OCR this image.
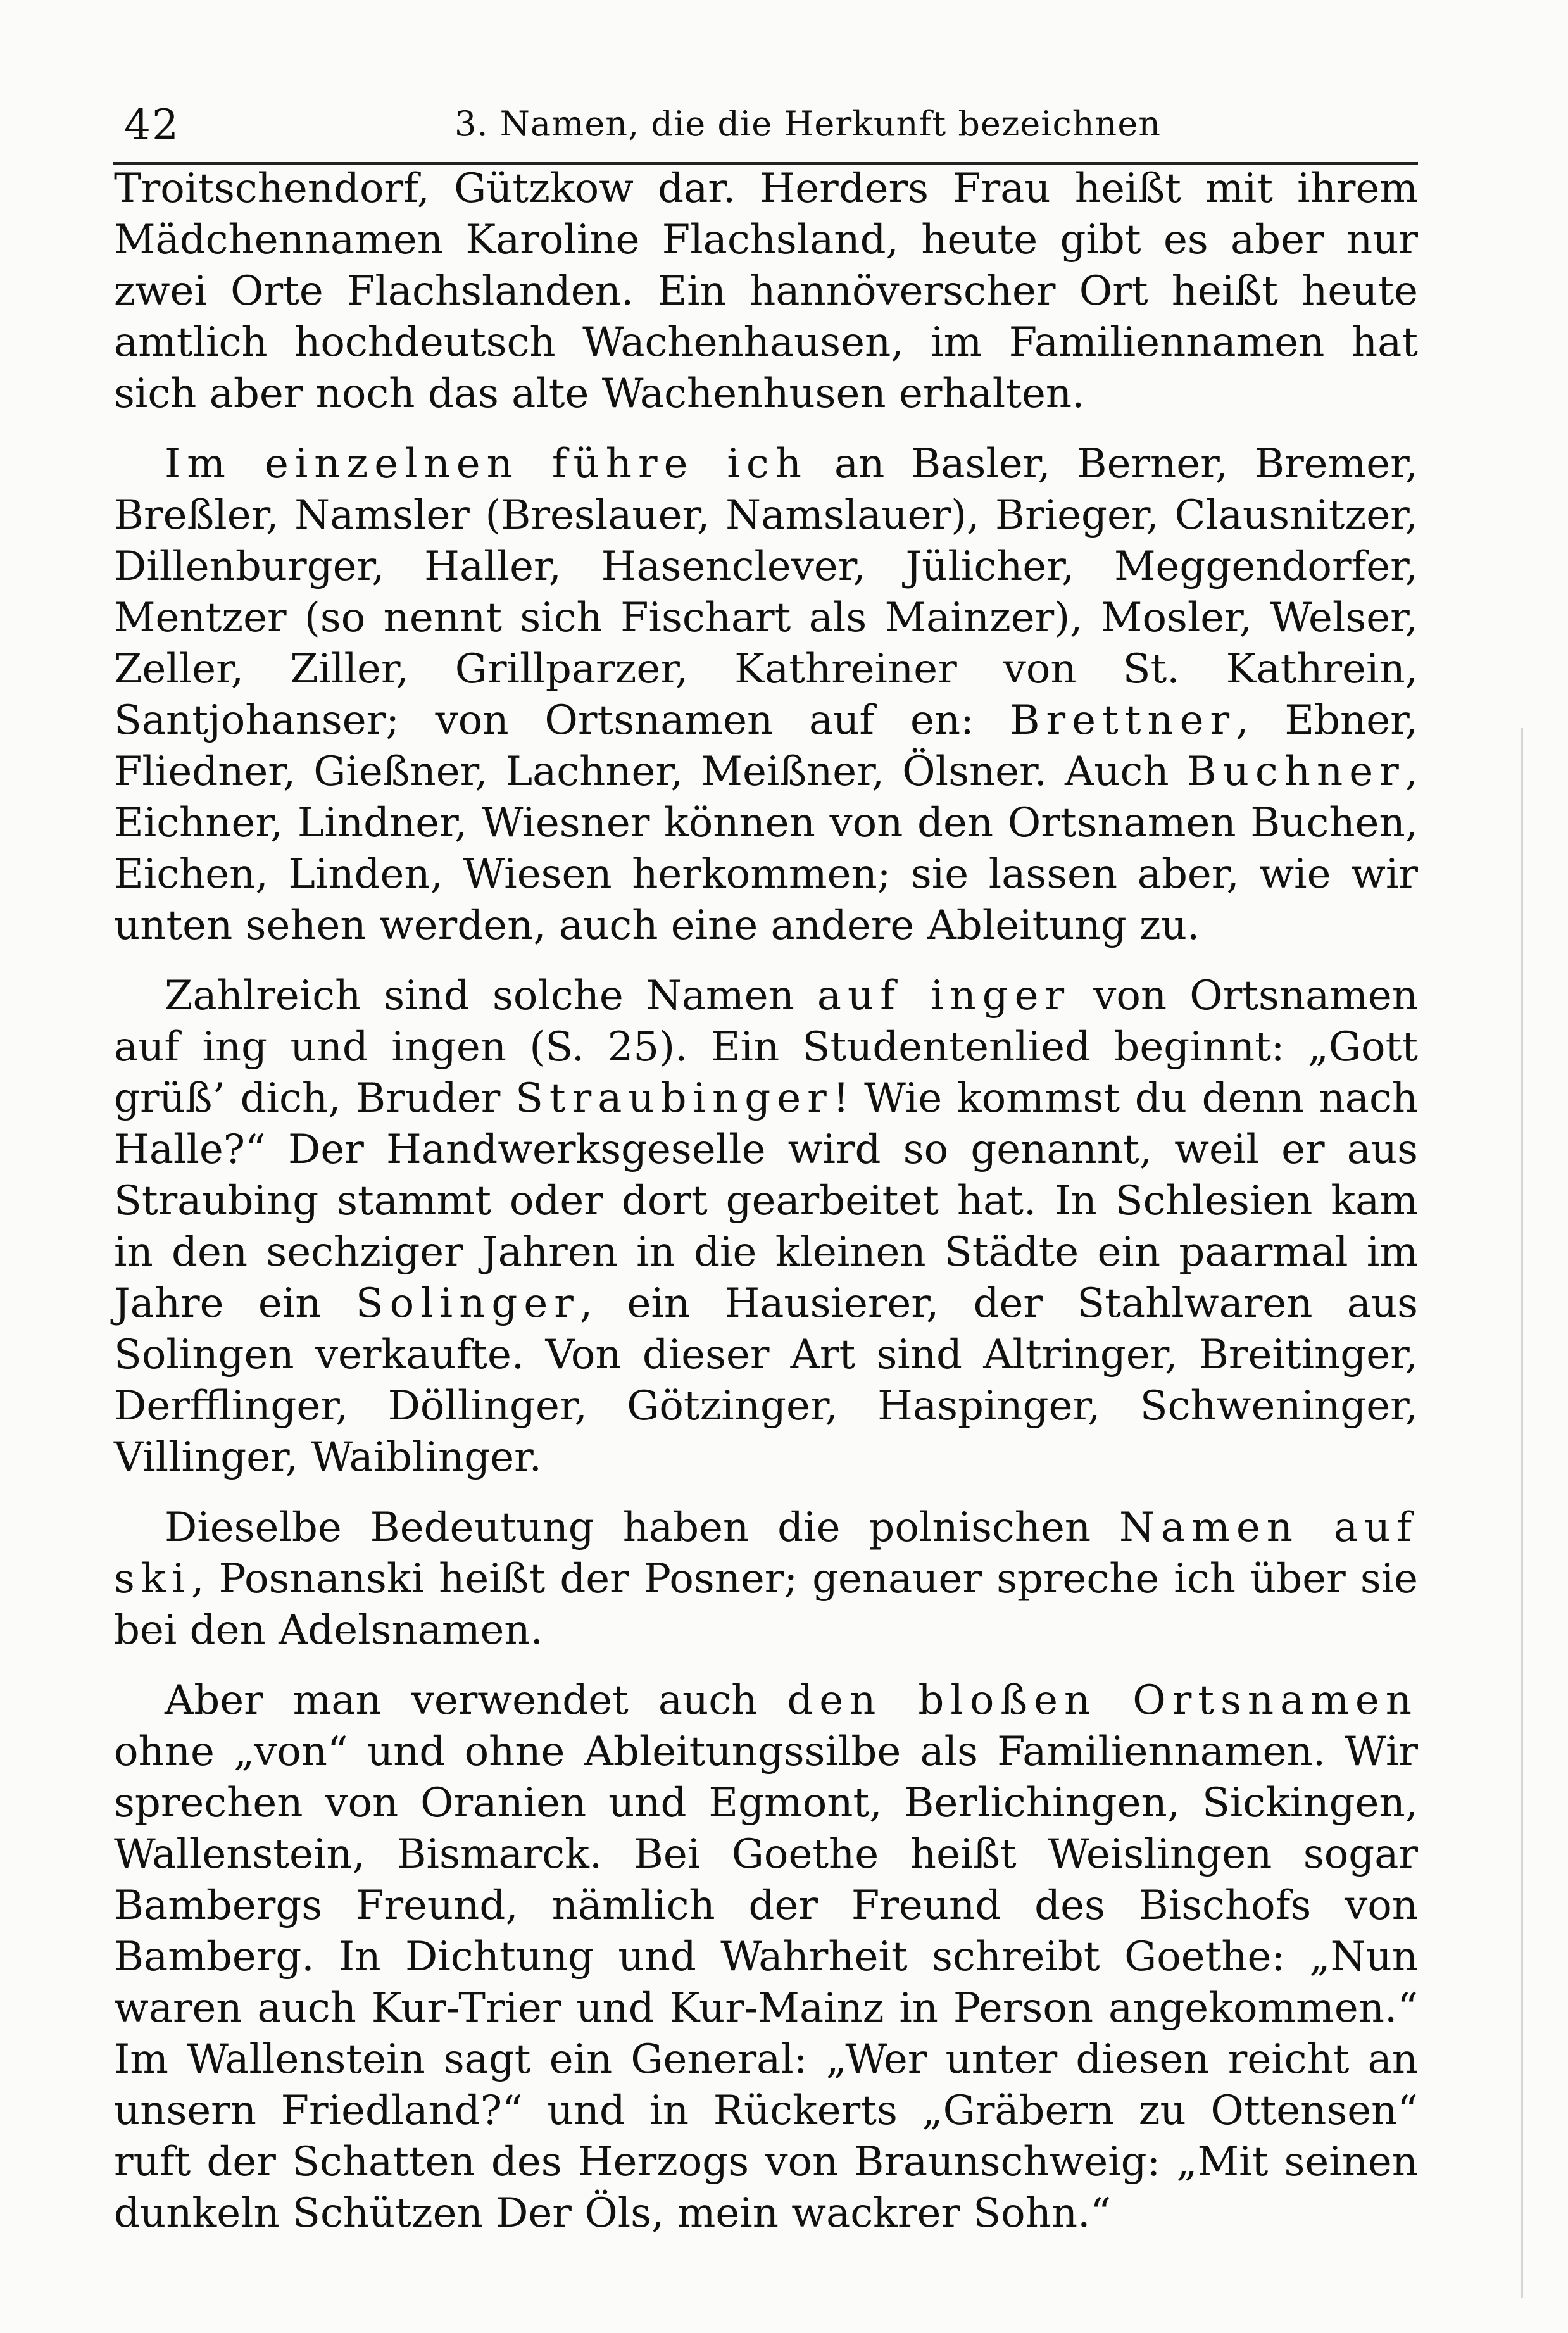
42	3. Namen, die die Herkunft bezeichnen

Troitschendorf, Gützkow dar. Herders Frau heißt mit ihrem Mädchennamen Karoline Flachsland, heute gibt es aber nur zwei Orte Flachslanden. Ein hannöverscher Ort heißt heute amtlich hochdeutsch Wachenhausen, im Familiennamen hat sich aber noch das alte Wachenhusen erhalten.

Im einzelnen führe ich an Basler, Berner, Bremer, Breßler, Namsler (Breslauer, Namslauer), Brieger, Clausnitzer, Dillenburger, Haller, Hasenclever, Jülicher, Meggendorfer, Mentzer (so nennt sich Fischart als Mainzer), Mosler, Welser, Zeller, Ziller, Grillparzer, Kathreiner von St. Kathrein, Santjohanser; von Ortsnamen auf en: Brettner, Ebner, Fliedner, Gießner, Lachner, Meißner, Ölsner. Auch Buchner, Eichner, Lindner, Wiesner können von den Ortsnamen Buchen, Eichen, Linden, Wiesen herkommen; sie lassen aber, wie wir unten sehen werden, auch eine andere Ableitung zu.

Zahlreich sind solche Namen auf inger von Ortsnamen auf ing und ingen (S. 25). Ein Studentenlied beginnt: „Gott grüß’ dich, Bruder Straubinger! Wie kommst du denn nach Halle?“ Der Handwerksgeselle wird so genannt, weil er aus Straubing stammt oder dort gearbeitet hat. In Schlesien kam in den sechziger Jahren in die kleinen Städte ein paarmal im Jahre ein Solinger, ein Hausierer, der Stahlwaren aus Solingen verkaufte. Von dieser Art sind Altringer, Breitinger, Derfflinger, Döllinger, Götzinger, Haspinger, Schweninger, Villinger, Waiblinger.

Dieselbe Bedeutung haben die polnischen Namen auf ski, Posnanski heißt der Posner; genauer spreche ich über sie bei den Adelsnamen.

Aber man verwendet auch den bloßen Ortsnamen ohne „von“ und ohne Ableitungssilbe als Familiennamen. Wir sprechen von Oranien und Egmont, Berlichingen, Sickingen, Wallenstein, Bismarck. Bei Goethe heißt Weislingen sogar Bambergs Freund, nämlich der Freund des Bischofs von Bamberg. In Dichtung und Wahrheit schreibt Goethe: „Nun waren auch Kur-Trier und Kur-Mainz in Person angekommen.“ Im Wallenstein sagt ein General: „Wer unter diesen reicht an unsern Friedland?“ und in Rückerts „Gräbern zu Ottensen“ ruft der Schatten des Herzogs von Braunschweig: „Mit seinen dunkeln Schützen Der Öls, mein wackrer Sohn.“
